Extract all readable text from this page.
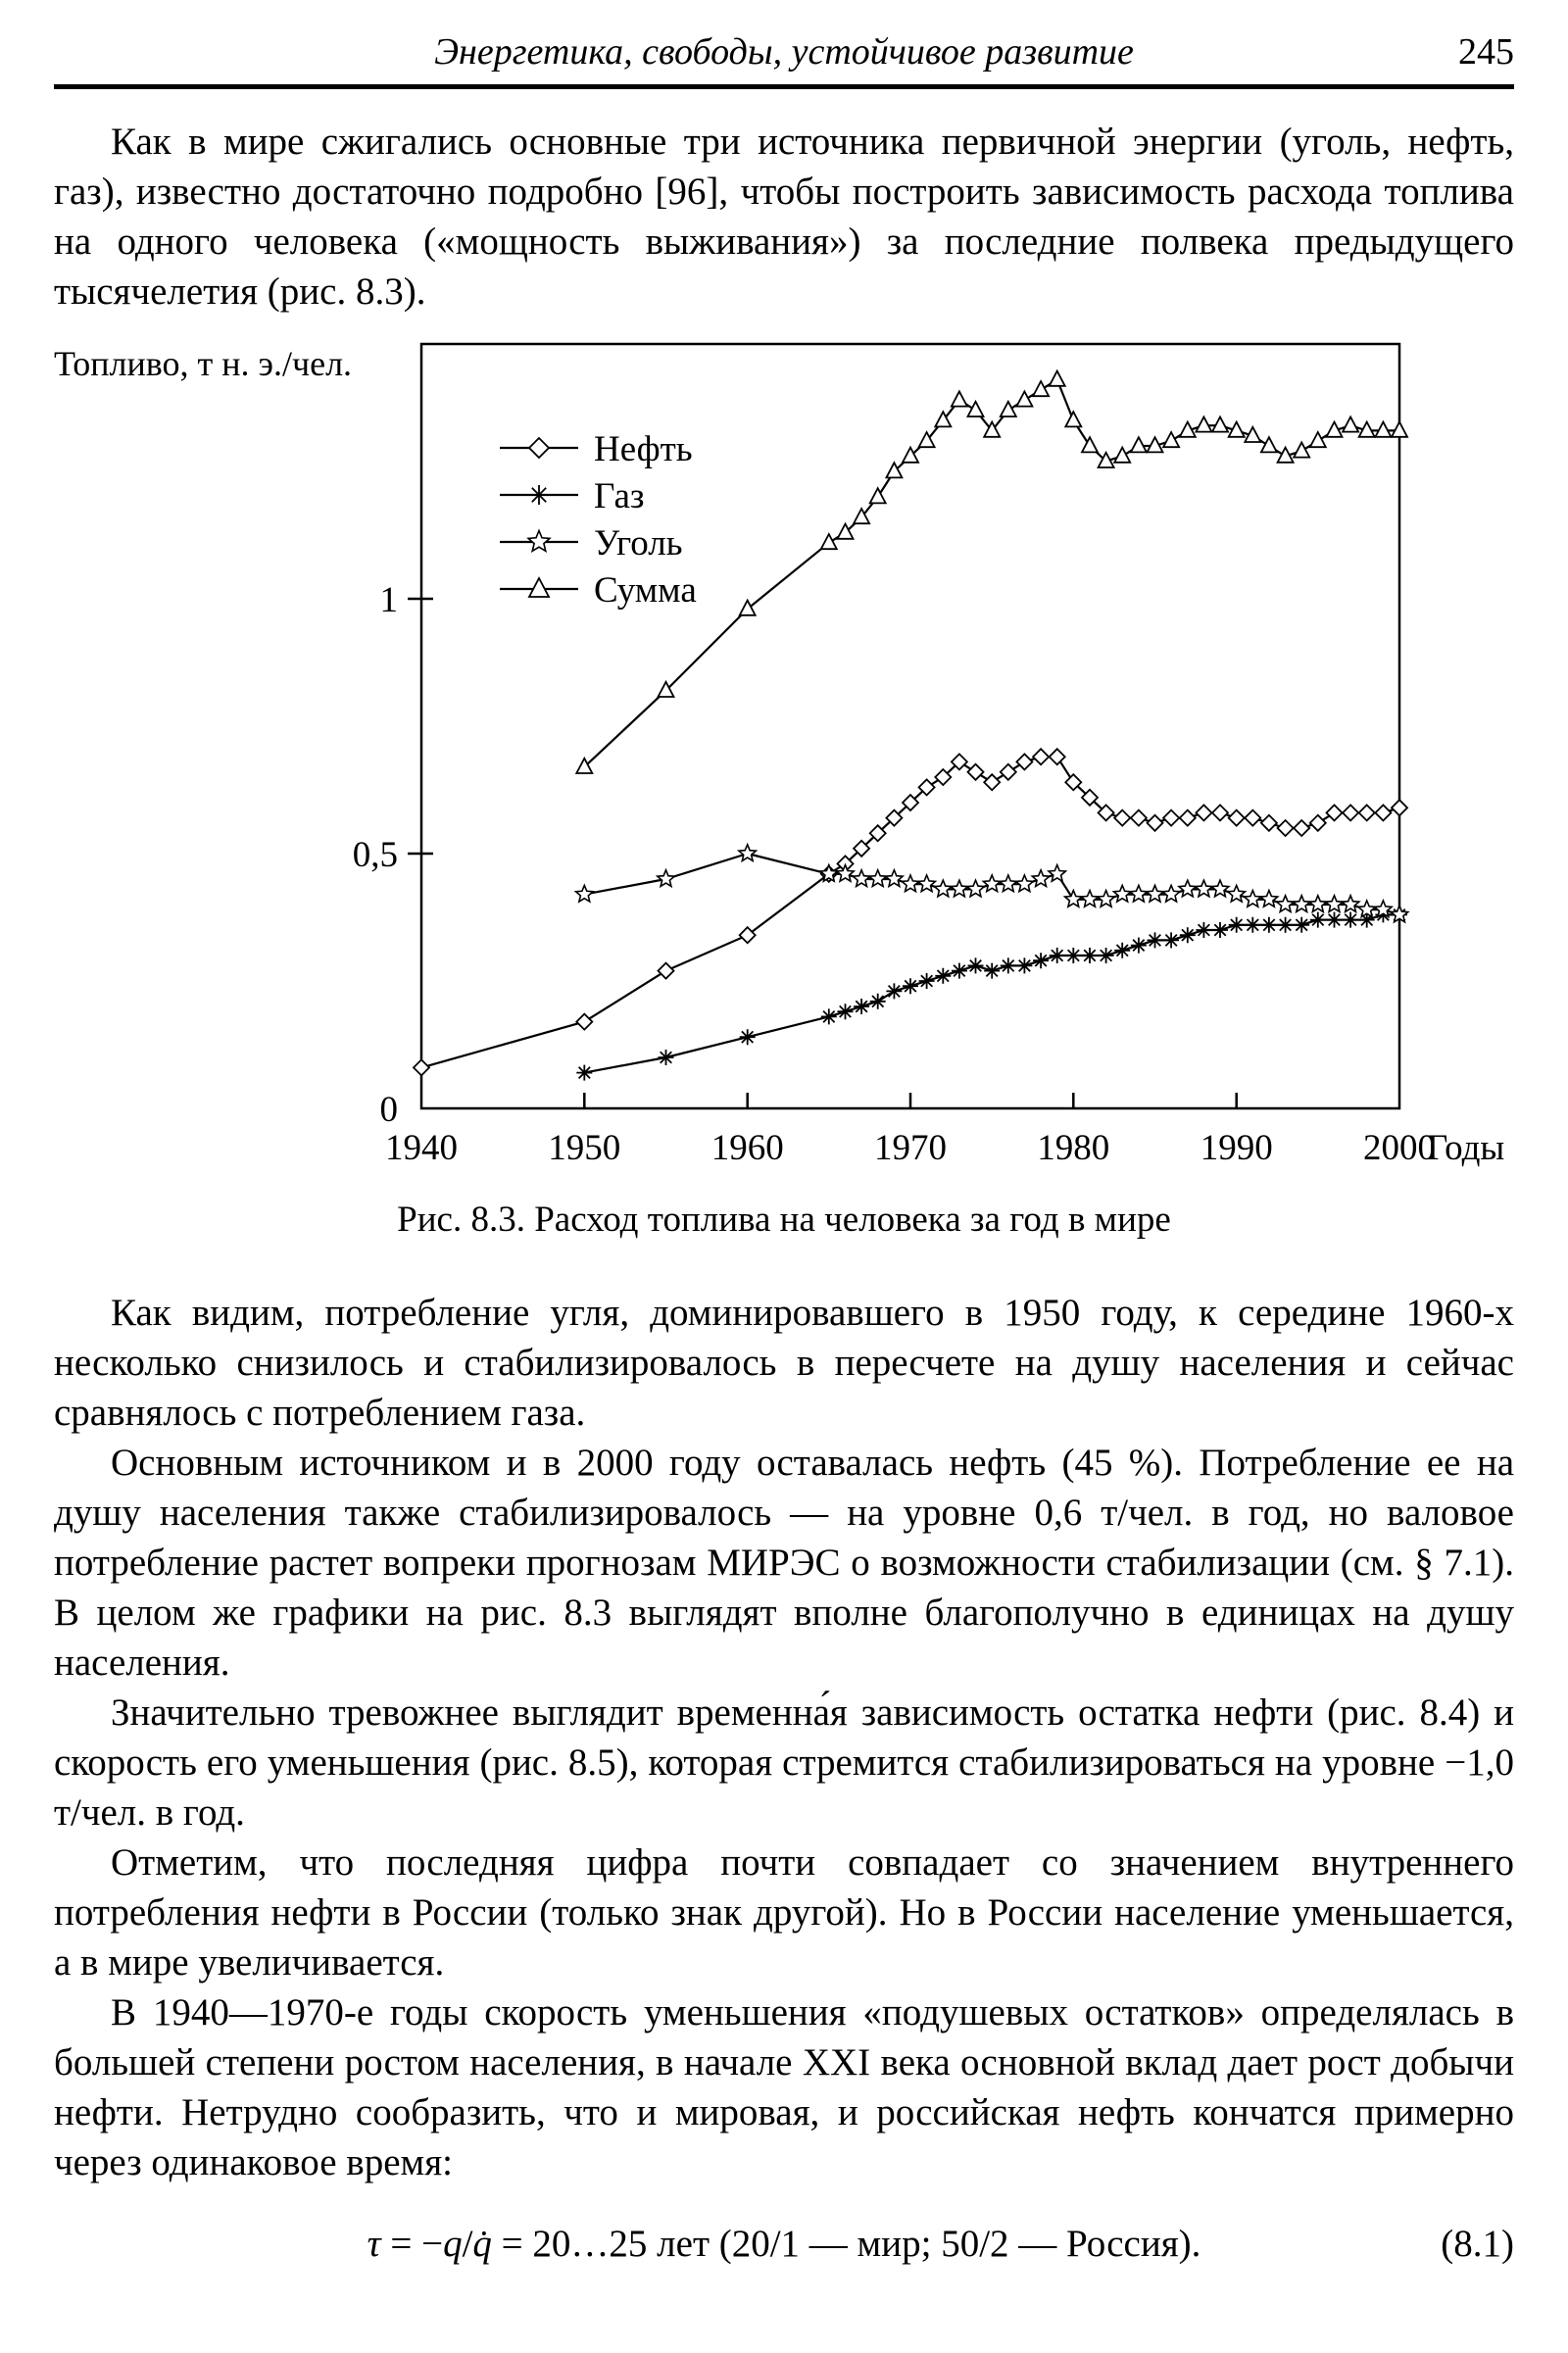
Энергетика, свободы, устойчивое развитие	245

Как в мире сжигались основные три источника первичной энергии (уголь, нефть, газ), известно достаточно подробно [96], чтобы построить зависимость расхода топлива на одного человека («мощность выживания») за последние полвека предыдущего тысячелетия (рис. 8.3).

Топливо, т н. э./чел.
0
0,5
1
1940 1950 1960 1970 1980 1990 2000
Годы
Нефть
Газ
Уголь
Сумма
Рис. 8.3. Расход топлива на человека за год в мире

Как видим, потребление угля, доминировавшего в 1950 году, к середине 1960-х несколько снизилось и стабилизировалось в пересчете на душу населения и сейчас сравнялось с потреблением газа.

Основным источником и в 2000 году оставалась нефть (45 %). Потребление ее на душу населения также стабилизировалось — на уровне 0,6 т/чел. в год, но валовое потребление растет вопреки прогнозам МИРЭС о возможности стабилизации (см. § 7.1). В целом же графики на рис. 8.3 выглядят вполне благополучно в единицах на душу населения.

Значительно тревожнее выглядит временна́я зависимость остатка нефти (рис. 8.4) и скорость его уменьшения (рис. 8.5), которая стремится стабилизироваться на уровне −1,0 т/чел. в год.

Отметим, что последняя цифра почти совпадает со значением внутреннего потребления нефти в России (только знак другой). Но в России население уменьшается, а в мире увеличивается.

В 1940—1970-е годы скорость уменьшения «подушевых остатков» определялась в большей степени ростом населения, в начале XXI века основной вклад дает рост добычи нефти. Нетрудно сообразить, что и мировая, и российская нефть кончатся примерно через одинаковое время:

τ = −q/q̇ = 20…25 лет (20/1 — мир; 50/2 — Россия).	(8.1)
